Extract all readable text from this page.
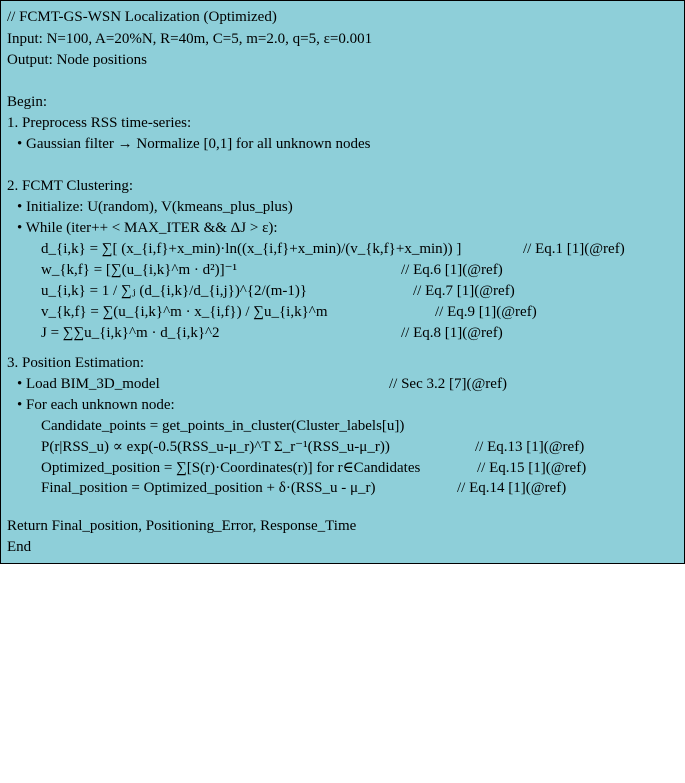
// FCMT-GS-WSN Localization (Optimized)

Input: N=100, A=20%N, R=40m, C=5, m=2.0, q=5, ε=0.001

Output: Node positions

Begin:

1. Preprocess RSS time-series:

• Gaussian filter → Normalize [0,1] for all unknown nodes

2. FCMT Clustering:

• Initialize: U(random), V(kmeans_plus_plus)

• While (iter++ < MAX_ITER && ΔJ > ε):

d_{i,k} = ∑[ (x_{i,f}+x_min)·ln((x_{i,f}+x_min)/(v_{k,f}+x_min)) ]

	// Eq.1 [1](@ref)

w_{k,f} = [∑(u_{i,k}^m · d²)]⁻¹

	// Eq.6 [1](@ref)

u_{i,k} = 1 / ∑ⱼ (d_{i,k}/d_{i,j})^{2/(m-1)}

	// Eq.7 [1](@ref)

v_{k,f} = ∑(u_{i,k}^m · x_{i,f}) / ∑u_{i,k}^m

	// Eq.9 [1](@ref)

J = ∑∑u_{i,k}^m · d_{i,k}^2

	// Eq.8 [1](@ref)

3. Position Estimation:

• Load BIM_3D_model

	// Sec 3.2 [7](@ref)

• For each unknown node:

Candidate_points = get_points_in_cluster(Cluster_labels[u])

P(r|RSS_u) ∝ exp(-0.5(RSS_u-μ_r)^T Σ_r⁻¹(RSS_u-μ_r))

	// Eq.13 [1](@ref)

Optimized_position = ∑[S(r)·Coordinates(r)] for r∈Candidates

	// Eq.15 [1](@ref)

Final_position = Optimized_position + δ·(RSS_u - μ_r)

	// Eq.14 [1](@ref)

Return Final_position, Positioning_Error, Response_Time

End
